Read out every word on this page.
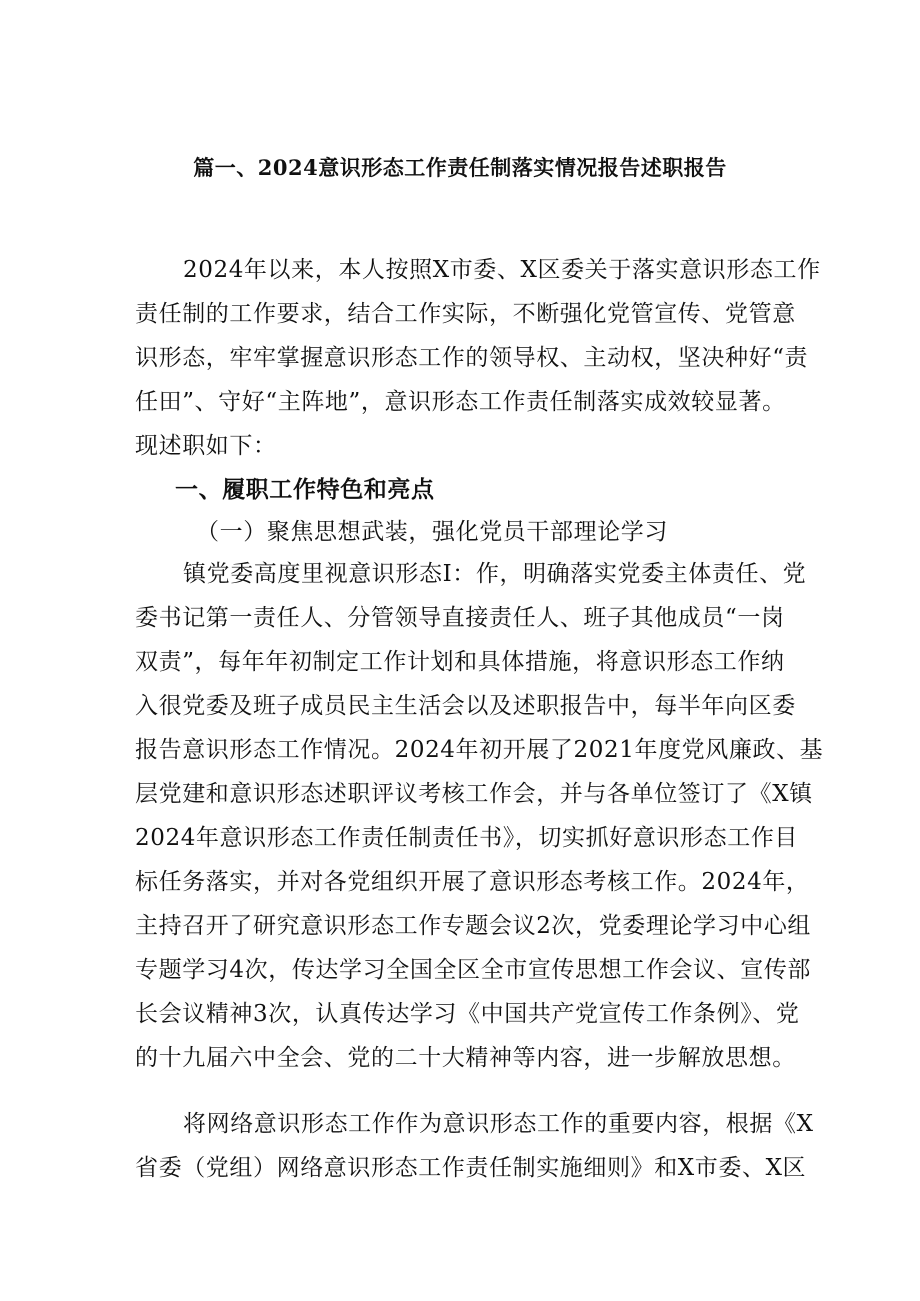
篇一、2024意识形态工作责任制落实情况报告述职报告
2024年以来，本人按照X市委、X区委关于落实意识形态工作
责任制的工作要求，结合工作实际，不断强化党管宣传、党管意
识形态，牢牢掌握意识形态工作的领导权、主动权，坚决种好“责
任田”、守好“主阵地”，意识形态工作责任制落实成效较显著。
现述职如下：
一、履职工作特色和亮点
（一）聚焦思想武装，强化党员干部理论学习
镇党委高度里视意识形态I：作，明确落实党委主体责任、党
委书记第一责任人、分管领导直接责任人、班子其他成员“一岗
双责”，每年年初制定工作计划和具体措施，将意识形态工作纳
入很党委及班子成员民主生活会以及述职报告中，每半年向区委
报告意识形态工作情况。2024年初开展了2021年度党风廉政、基
层党建和意识形态述职评议考核工作会，并与各单位签订了《X镇
2024年意识形态工作责任制责任书》，切实抓好意识形态工作目
标任务落实，并对各党组织开展了意识形态考核工作。2024年，
主持召开了研究意识形态工作专题会议2次，党委理论学习中心组
专题学习4次，传达学习全国全区全市宣传思想工作会议、宣传部
长会议精神3次，认真传达学习《中国共产党宣传工作条例》、党
的十九届六中全会、党的二十大精神等内容，进一步解放思想。
将网络意识形态工作作为意识形态工作的重要内容，根据《X
省委（党组）网络意识形态工作责任制实施细则》和X市委、X区
